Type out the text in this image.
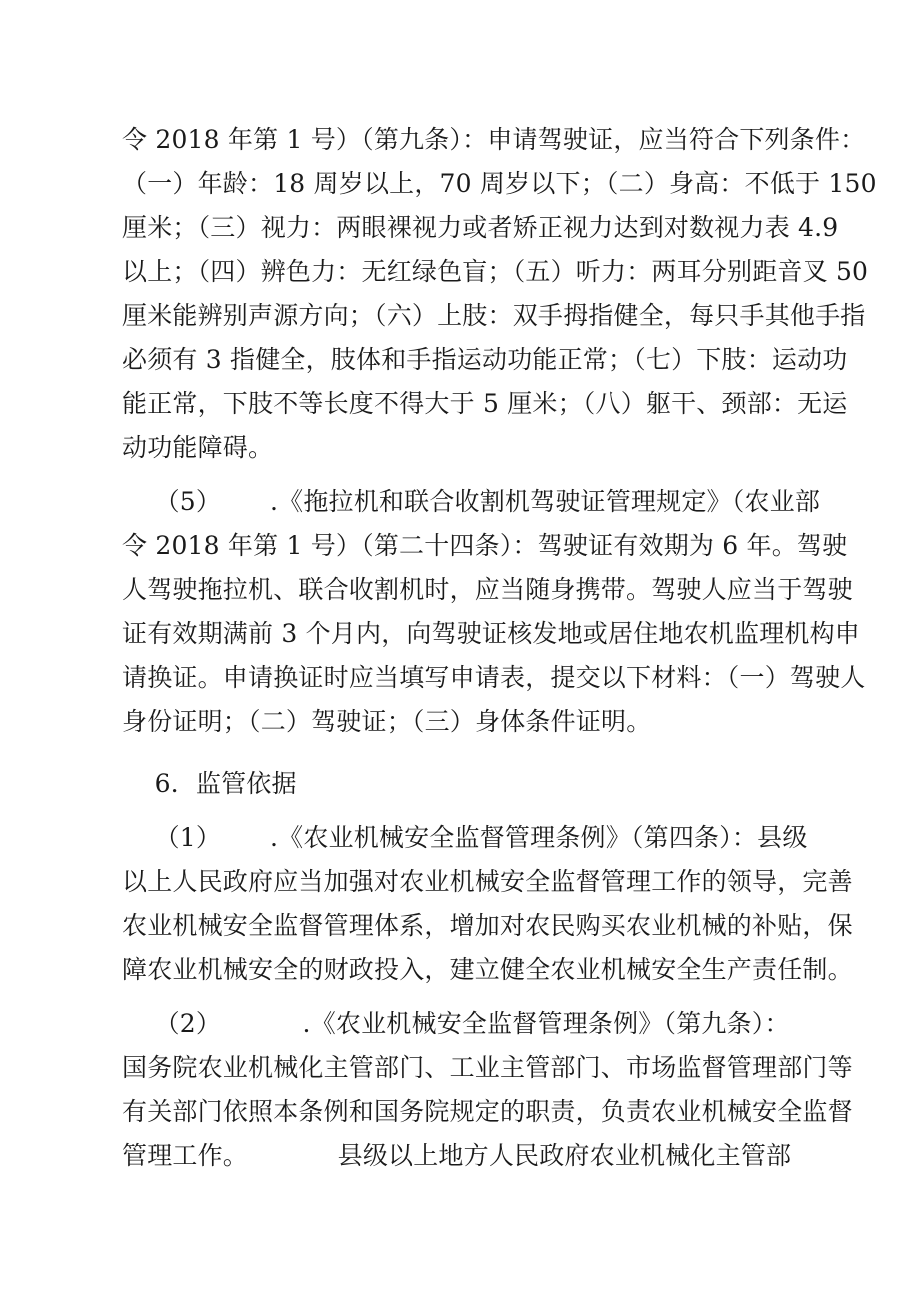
令 2018 年第 1 号）（第九条）：申请驾驶证，应当符合下列条件：
（一）年龄：18 周岁以上，70 周岁以下；（二）身高：不低于 150
厘米；（三）视力：两眼裸视力或者矫正视力达到对数视力表 4.9
以上；（四）辨色力：无红绿色盲；（五）听力：两耳分别距音叉 50
厘米能辨别声源方向；（六）上肢：双手拇指健全，每只手其他手指
必须有 3 指健全，肢体和手指运动功能正常；（七）下肢：运动功
能正常，下肢不等长度不得大于 5 厘米；（八）躯干、颈部：无运
动功能障碍。
（5）      .《拖拉机和联合收割机驾驶证管理规定》（农业部
令 2018 年第 1 号）（第二十四条）：驾驶证有效期为 6 年。驾驶
人驾驶拖拉机、联合收割机时，应当随身携带。驾驶人应当于驾驶
证有效期满前 3 个月内，向驾驶证核发地或居住地农机监理机构申
请换证。申请换证时应当填写申请表，提交以下材料：（一）驾驶人
身份证明；（二）驾驶证；（三）身体条件证明。
6．监管依据
（1）      .《农业机械安全监督管理条例》（第四条）：县级
以上人民政府应当加强对农业机械安全监督管理工作的领导，完善
农业机械安全监督管理体系，增加对农民购买农业机械的补贴，保
障农业机械安全的财政投入，建立健全农业机械安全生产责任制。
（2）          .《农业机械安全监督管理条例》（第九条）：
国务院农业机械化主管部门、工业主管部门、市场监督管理部门等
有关部门依照本条例和国务院规定的职责，负责农业机械安全监督
管理工作。           县级以上地方人民政府农业机械化主管部
